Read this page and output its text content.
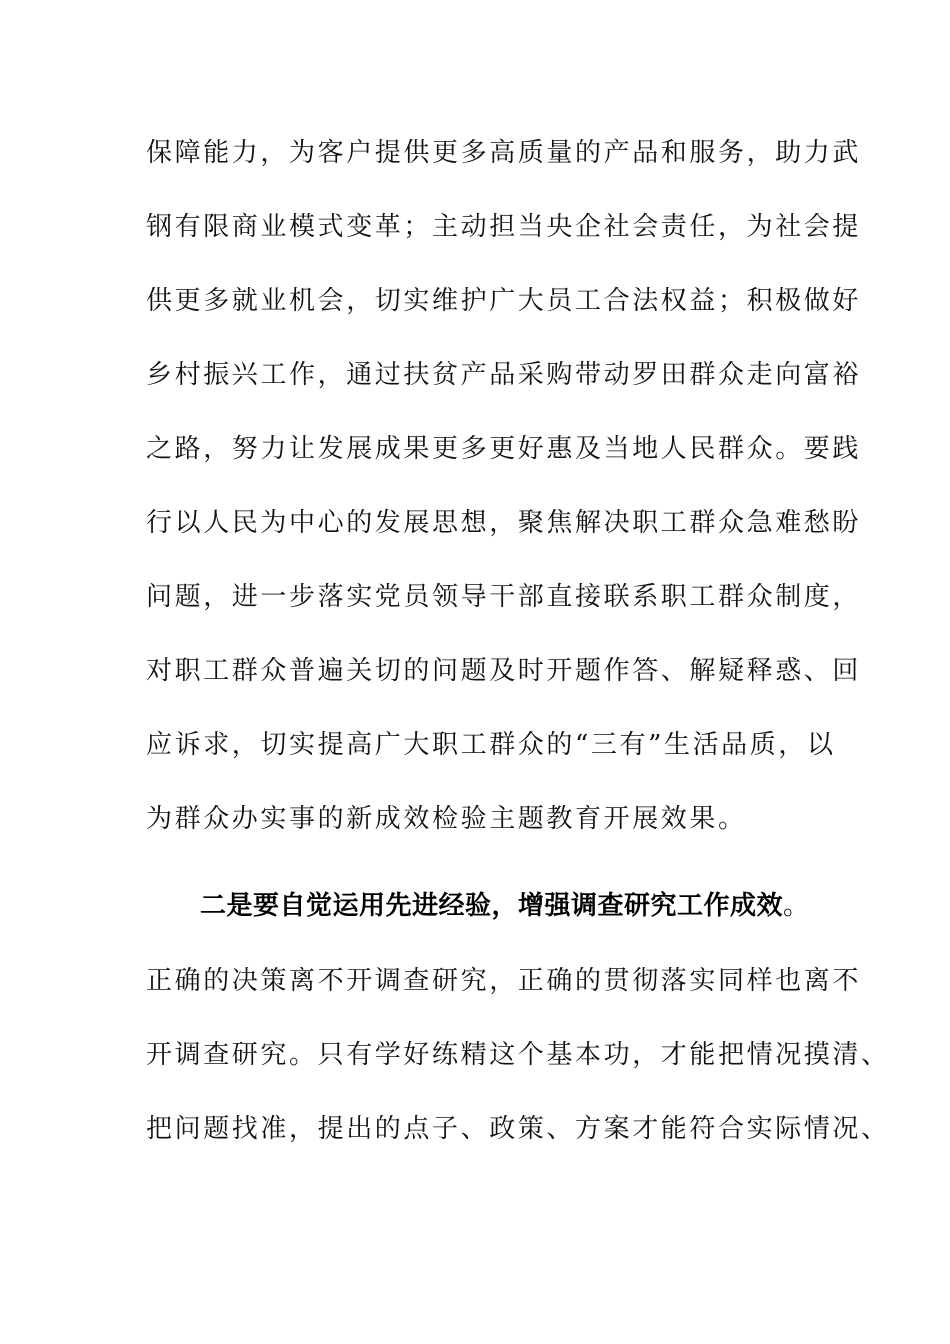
保障能力，为客户提供更多高质量的产品和服务，助力武
钢有限商业模式变革；主动担当央企社会责任，为社会提
供更多就业机会，切实维护广大员工合法权益；积极做好
乡村振兴工作，通过扶贫产品采购带动罗田群众走向富裕
之路，努力让发展成果更多更好惠及当地人民群众。要践
行以人民为中心的发展思想，聚焦解决职工群众急难愁盼
问题，进一步落实党员领导干部直接联系职工群众制度，
对职工群众普遍关切的问题及时开题作答、解疑释惑、回
应诉求，切实提高广大职工群众的“三有”生活品质，以
为群众办实事的新成效检验主题教育开展效果。
二是要自觉运用先进经验，增强调查研究工作成效。
正确的决策离不开调查研究，正确的贯彻落实同样也离不
开调查研究。只有学好练精这个基本功，才能把情况摸清、
把问题找准，提出的点子、政策、方案才能符合实际情况、
